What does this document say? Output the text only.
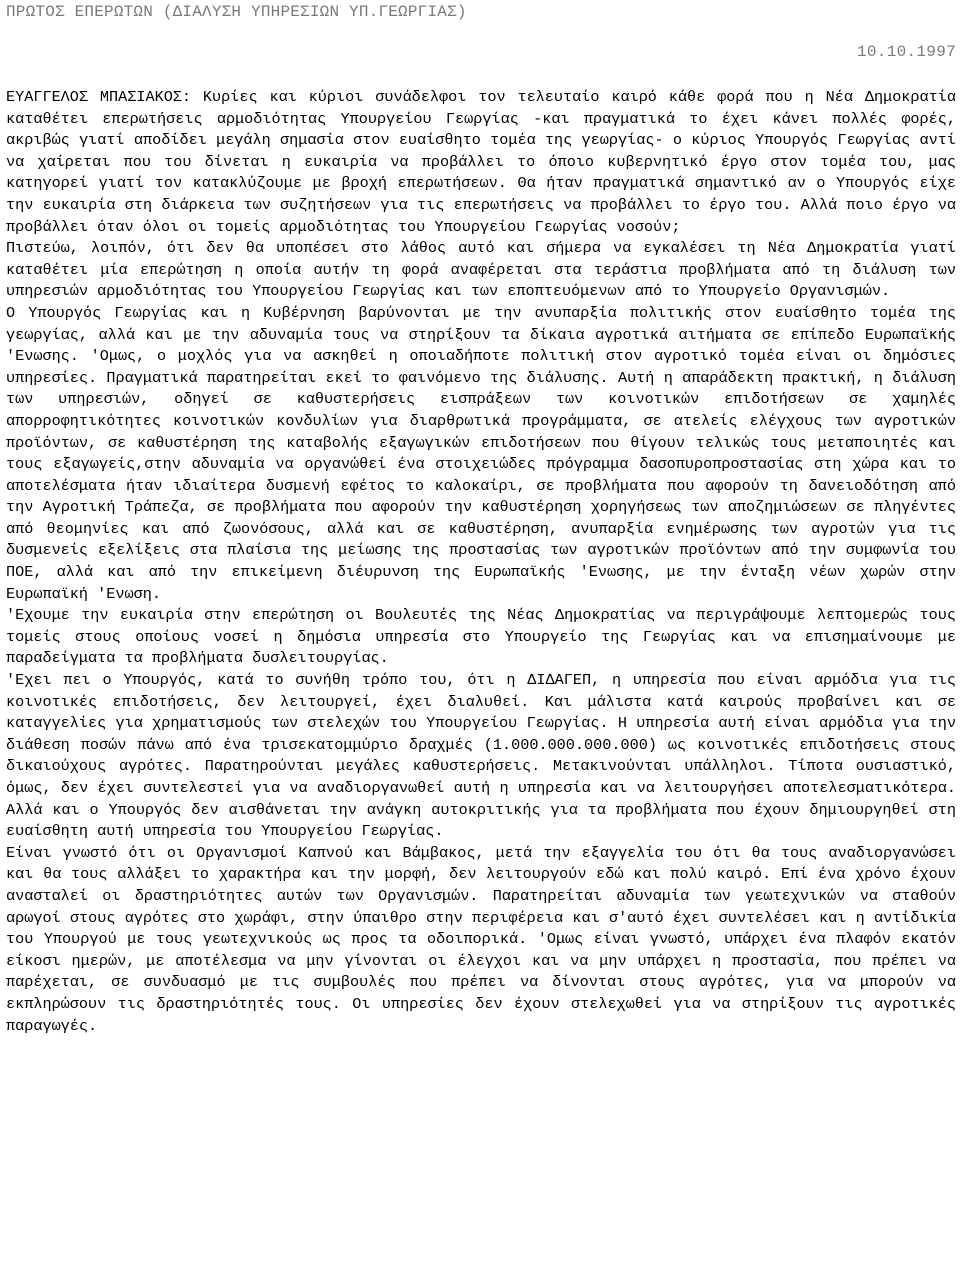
ΠΡΩΤΟΣ ΕΠΕΡΩΤΩΝ (ΔΙΑΛΥΣΗ ΥΠΗΡΕΣΙΩΝ ΥΠ.ΓΕΩΡΓΙΑΣ)
10.10.1997

ΕΥΑΓΓΕΛΟΣ ΜΠΑΣΙΑΚΟΣ: Κυρίες και κύριοι συνάδελφοι τον τελευταίο καιρό κάθε φορά που η Νέα Δημοκρατία καταθέτει επερωτήσεις αρμοδιότητας Υπουργείου Γεωργίας -και πραγματικά το έχει κάνει πολλές φορές, ακριβώς γιατί αποδίδει μεγάλη σημασία στον ευαίσθητο τομέα της γεωργίας- ο κύριος Υπουργός Γεωργίας αντί να χαίρεται που του δίνεται η ευκαιρία να προβάλλει το όποιο κυβερνητικό έργο στον τομέα του, μας κατηγορεί γιατί τον κατακλύζουμε με βροχή επερωτήσεων. Θα ήταν πραγματικά σημαντικό αν ο Υπουργός είχε την ευκαιρία στη διάρκεια των συζητήσεων για τις επερωτήσεις να προβάλλει το έργο του. Αλλά ποιο έργο να προβάλλει όταν όλοι οι τομείς αρμοδιότητας του Υπουργείου Γεωργίας νοσούν;

Πιστεύω, λοιπόν, ότι δεν θα υποπέσει στο λάθος αυτό και σήμερα να εγκαλέσει τη Νέα Δημοκρατία γιατί καταθέτει μία επερώτηση η οποία αυτήν τη φορά αναφέρεται στα τεράστια προβλήματα από τη διάλυση των υπηρεσιών αρμοδιότητας του Υπουργείου Γεωργίας και των εποπτευόμενων από το Υπουργείο Οργανισμών.

Ο Υπουργός Γεωργίας και η Κυβέρνηση βαρύνονται με την ανυπαρξία πολιτικής στον ευαίσθητο τομέα της γεωργίας, αλλά και με την αδυναμία τους να στηρίξουν τα δίκαια αγροτικά αιτήματα σε επίπεδο Ευρωπαϊκής 'Ενωσης. 'Ομως, ο μοχλός για να ασκηθεί η οποιαδήποτε πολιτική στον αγροτικό τομέα είναι οι δημόσιες υπηρεσίες. Πραγματικά παρατηρείται εκεί το φαινόμενο της διάλυσης. Αυτή η απαράδεκτη πρακτική, η διάλυση των υπηρεσιών, οδηγεί σε καθυστερήσεις εισπράξεων των κοινοτικών επιδοτήσεων σε χαμηλές απορροφητικότητες κοινοτικών κονδυλίων για διαρθρωτικά προγράμματα, σε ατελείς ελέγχους των αγροτικών προϊόντων, σε καθυστέρηση της καταβολής εξαγωγικών επιδοτήσεων που θίγουν τελικώς τους μεταποιητές και τους εξαγωγείς,στην αδυναμία να οργανώθεί ένα στοιχειώδες πρόγραμμα δασοπυροπροστασίας στη χώρα και το αποτελέσματα ήταν ιδιαίτερα δυσμενή εφέτος το καλοκαίρι, σε προβλήματα που αφορούν τη δανειοδότηση από την Αγροτική Τράπεζα, σε προβλήματα που αφορούν την καθυστέρηση χορηγήσεως των αποζημιώσεων σε πληγέντες από θεομηνίες και από ζωονόσους, αλλά και σε καθυστέρηση, ανυπαρξία ενημέρωσης των αγροτών για τις δυσμενείς εξελίξεις στα πλαίσια της μείωσης της προστασίας των αγροτικών προϊόντων από την συμφωνία του ΠΟΕ, αλλά και από την επικείμενη διέυρυνση της Ευρωπαϊκής 'Ενωσης, με την ένταξη νέων χωρών στην Ευρωπαϊκή 'Ενωση.

'Εχουμε την ευκαιρία στην επερώτηση οι Βουλευτές της Νέας Δημοκρατίας να περιγράψουμε λεπτομερώς τους τομείς στους οποίους νοσεί η δημόσια υπηρεσία στο Υπουργείο της Γεωργίας και να επισημαίνουμε με παραδείγματα τα προβλήματα δυσλειτουργίας.

'Εχει πει ο Υπουργός, κατά το συνήθη τρόπο του, ότι η ΔΙΔΑΓΕΠ, η υπηρεσία που είναι αρμόδια για τις κοινοτικές επιδοτήσεις, δεν λειτουργεί, έχει διαλυθεί. Και μάλιστα κατά καιρούς προβαίνει και σε καταγγελίες για χρηματισμούς των στελεχών του Υπουργείου Γεωργίας. Η υπηρεσία αυτή είναι αρμόδια για την διάθεση ποσών πάνω από ένα τρισεκατομμύριο δραχμές (1.000.000.000.000) ως κοινοτικές επιδοτήσεις στους δικαιούχους αγρότες. Παρατηρούνται μεγάλες καθυστερήσεις. Μετακινούνται υπάλληλοι. Τίποτα ουσιαστικό, όμως, δεν έχει συντελεστεί για να αναδιοργανωθεί αυτή η υπηρεσία και να λειτουργήσει αποτελεσματικότερα. Αλλά και ο Υπουργός δεν αισθάνεται την ανάγκη αυτοκριτικής για τα προβλήματα που έχουν δημιουργηθεί στη ευαίσθητη αυτή υπηρεσία του Υπουργείου Γεωργίας.

Είναι γνωστό ότι οι Οργανισμοί Καπνού και Βάμβακος, μετά την εξαγγελία του ότι θα τους αναδιοργανώσει και θα τους αλλάξει το χαρακτήρα και την μορφή, δεν λειτουργούν εδώ και πολύ καιρό. Επί ένα χρόνο έχουν ανασταλεί οι δραστηριότητες αυτών των Οργανισμών. Παρατηρείται αδυναμία των γεωτεχνικών να σταθούν αρωγοί στους αγρότες στο χωράφι, στην ύπαιθρο στην περιφέρεια και σ'αυτό έχει συντελέσει και η αντίδικία του Υπουργού με τους γεωτεχνικούς ως προς τα οδοιπορικά. 'Ομως είναι γνωστό, υπάρχει ένα πλαφόν εκατόν είκοσι ημερών, με αποτέλεσμα να μην γίνονται οι έλεγχοι και να μην υπάρχει η προστασία, που πρέπει να παρέχεται, σε συνδυασμό με τις συμβουλές που πρέπει να δίνονται στους αγρότες, για να μπορούν να εκπληρώσουν τις δραστηριότητές τους. Οι υπηρεσίες δεν έχουν στελεχωθεί για να στηρίξουν τις αγροτικές παραγωγές.
